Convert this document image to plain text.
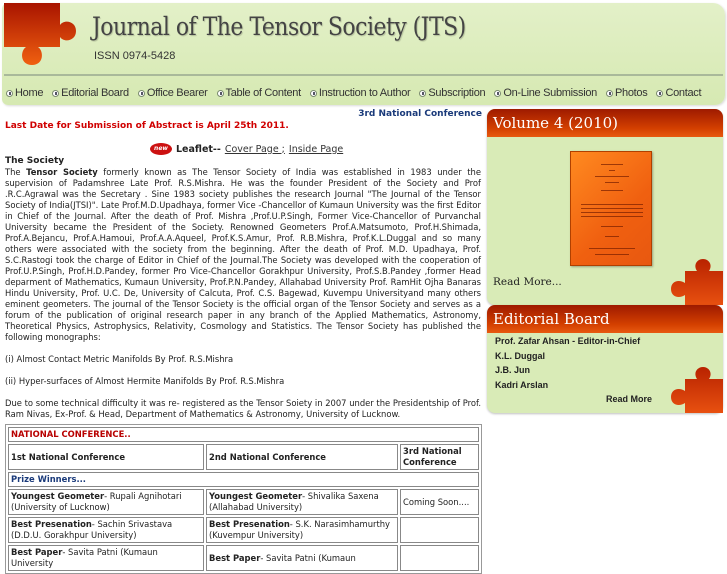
Journal of The Tensor Society (JTS)
ISSN 0974-5428
Home Editorial Board Office Bearer Table of Content Instruction to Author Subscription On-Line Submission Photos Contact
3rd National Conference
Last Date for Submission of Abstract is April 25th 2011.
new Leaflet-- Cover Page ; Inside Page
The Society

The Tensor Society formerly known as The Tensor Society of India was established in 1983 under the supervision of Padamshree Late Prof. R.S.Mishra. He was the founder President of the Society and Prof .R.C.Agrawal was the Secretary . Sine 1983 society publishes the research Journal "The Journal of the Tensor Society of India(JTSI)". Late Prof.M.D.Upadhaya, former Vice -Chancellor of Kumaun University was the first Editor in Chief of the Journal. After the death of Prof. Mishra ,Prof.U.P.Singh, Former Vice-Chancellor of Purvanchal University became the President of the Society. Renowned Geometers Prof.A.Matsumoto, Prof.H.Shimada, Prof.A.Bejancu, Prof.A.Hamoui, Prof.A.A.Aqueel, Prof.K.S.Amur, Prof. R.B.Mishra, Prof.K.L.Duggal and so many others were associated with the society from the beginning. After the death of Prof. M.D. Upadhaya, Prof. S.C.Rastogi took the charge of Editor in Chief of the Journal.The Society was developed with the cooperation of Prof.U.P.Singh, Prof.H.D.Pandey, former Pro Vice-Chancellor Gorakhpur University, Prof.S.B.Pandey ,former Head deparment of Mathematics, Kumaun University, Prof.P.N.Pandey, Allahabad University Prof. RamHit Ojha Banaras Hindu University, Prof. U.C. De, University of Calcuta, Prof. C.S. Bagewad, Kuvempu Universityand many others eminent geometers. The journal of the Tensor Society is the official organ of the Tensor Society and serves as a forum of the publication of original research paper in any branch of the Applied Mathematics, Astronomy, Theoretical Physics, Astrophysics, Relativity, Cosmology and Statistics. The Tensor Society has published the following monographs:

(i) Almost Contact Metric Manifolds By Prof. R.S.Mishra

(ii) Hyper-surfaces of Almost Hermite Manifolds By Prof. R.S.Mishra

Due to some technical difficulty it was re- registered as the Tensor Soiety in 2007 under the Presidentship of Prof. Ram Nivas, Ex-Prof. & Head, Department of Mathematics & Astronomy, University of Lucknow.

NATIONAL CONFERENCE..		
1st National Conference	2nd National Conference	3rd National Conference
Prize Winners...		
Youngest Geometer- Rupali Agnihotari (University of Lucknow)	Youngest Geometer- Shivalika Saxena (Allahabad University)	Coming Soon....
Best Presenation- Sachin Srivastava (D.D.U. Gorakhpur University)	Best Presenation- S.K. Narasimhamurthy (Kuvempur University)	
Best Paper- Savita Patni (Kumaun University	Best Paper- Savita Patni (Kumaun	
Volume 4 (2010)
Read More...
Editorial Board
Prof. Zafar Ahsan - Editor-in-Chief
K.L. Duggal
J.B. Jun
Kadri Arslan
Read More
